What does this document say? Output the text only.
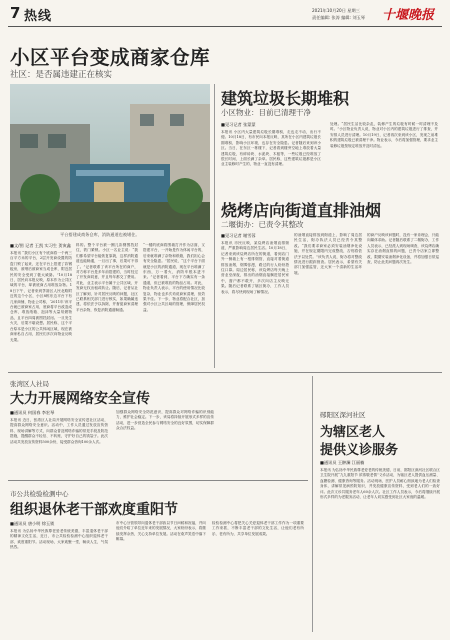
7 热线	2021年10月20日 星期三
责任编辑: 张涛 编辑: 刘玉琴 十堰晚报
小区平台变成商家仓库
社区：是否属违建正在核实
平台搭建成商务仓库，消防通道也被堵住。
■文/图 记者 王凯 实习生 贺寅鑫
本报讯 “我们小区有个底商将一个两三百平方米的平台，2层开发商设置的防盗门锁了起来，还在平台上搭建了彩钢板房，被堵后被商家当成仓库，附近居民的安全受到了极大威胁。”10月18日，居民向本报反映，原本作为公共区域的平台，却被底商占用堆放杂物。18日下午，记者来到茅箭区人民北路附近的这个小区，小区8栋东边平台下有几家商铺，物业公司称，‘2011年’该平台就已被商家占用，底商将平台改造成仓库，堆放纸箱、泡沫等大量易燃物品，且平台四周被围挡封闭。一旦发生火灾，后果不堪设想。居民称，这个平台原本是小区的公共休闲区域，现在被商家私自占用，居民们多次向物业反映无果。
料的。整个平台被一圈儿彩钢围挡封住，铁门紧锁。小区一名业主说：“我们都希望平台能恢复原貌，这样消防通道也能畅通，一旦出了事，后果可不得了。”记者联系了该平台所在的商户，对方称平台是多年前搭建的，当时经过了开发商同意，并且每年都交了费用。对此，业主表示平台属于公共区域，开发商无权出租或转让。随后，记者从社区了解到，针对居民反映的问题，社区已联系相关部门进行核实，如果确属违建，将依法予以拆除，并督促商家清理平台杂物，恢复消防通道畅通。
“一楼的底商将围墙打开作为店面，又搭建平台，一开始是作为休闲平台的，后来就堆满了杂物和纸箱，我们担心会有安全隐患。”居民说，“这个平台下面就是小区的消防通道，现在平台堆满了东西，万一着火，消防车根本进不来。”记者看到，平台下方确实有一条通道，但已被堆放的物品占用。对此，物业负责人表示，平台的使用情况比较复杂，物业也多次劝说商家清理，但效果不佳。下一步，物业将配合社区，加强对小区公共区域的管理，保障居民权益。
建筑垃圾长期堆积
小区物业：目前已清理干净
■见习记者 张蒙蒙
本报讯 小区内大量建筑垃圾长期堆积，走也走不动，出行不便。10月18日，有市民向本报反映，其所在小区内建筑垃圾长期堆积，影响小区环境，也存在安全隐患。记者随后来到该小区。当日，在东区一栋楼下，记者看到楼旁空地上堆放着大量建筑垃圾，有碎砖块、水泥块、木板等，一些垃圾已经堆放了很长时间，上面长满了杂草。居民称，这些建筑垃圾都是小区业主装修时产生的，物业一直没有清理。
处理。“居民生活比较杂乱，装修产生的垃圾有时候一时清理不及时。”小区物业负责人说，物业对小区内的建筑垃圾进行了排查，并安排人员进行清理。10月19日，记者再次来到该小区，发现之前堆积的建筑垃圾已被清理干净。物业表示，今后将加强管理，要求业主装修垃圾按规定堆放并及时清运。
烧烤店向街道直排油烟
二堰街办：已责令其整改
■见习记者 谢雪蓉
本报讯 市民反映，某烧烤店油烟直排街道，严重影响周边居民生活。10月18日，记者来到该烧烤店所在的街道，看到店门外一侧墙上有一根排烟管，直接对着街道排放油烟，烟雾弥漫，路过的行人纷纷捂住口鼻。周边居民称，该烧烤店每天晚上营业至深夜，排出的油烟直接飘进居民家中，窗户都不敢开，多次向店主反映无果。随后记者联系了辖区街办，工作人员表示，将尽快到现场了解情况。
的油烟直接排放到街道上，影响了周边居民生活，街办执法人员已经责令其整改。“我们要求商家必须安装油烟净化设施，并在规定期限内完成整改，否则将依法予以处罚。”该负责人说，街办将对整改情况进行跟踪督查。居民表示，希望有关部门加强监管，还大家一个清新的生活环境。
的商户反映该问题时，没有一家肯理会，只能向媒体求助。记者随后联系了二堰街办，工作人员表示，已经派人到现场调查，该烧烤店确实存在油烟直排的问题，已责令店家立即整改，限期安装油烟净化设备，并将加强日常巡查，防止此类问题再次发生。
张湾区人社局
大力开展网络安全宣传
■通讯员 何国春 李宏琴
本报讯 近日，张湾区人社局开展网络安全宣传进社区活动，提高群众网络安全意识。活动中，工作人员通过发放宣传资料、现场讲解等方式，向群众普及网络诈骗的常见手段及防范措施，提醒群众不轻信、不转账，守护好自己的钱袋子。此次活动共发放宣传资料500余份，接受群众咨询100余人次。
加强群众网络安全防范意识，提高群众对网络诈骗的识别能力，维护社会稳定。下一步，该局将持续开展形式多样的宣传活动，进一步营造全民参与网络安全的良好氛围，切实保障群众合法权益。
市公共检验检测中心
组织退休老干部欢度重阳节
■通讯员 唐小明 徐玉锁
本报讯 为弘扬中华民族尊老爱老传统美德，丰富退休老干部的精神文化生活，近日，市公共检验检测中心组织退休老干部，欢度重阳节。活动现场，大家欢聚一堂，畅谈人生，气氛热烈。
市中心分管领导向退休老干部致以节日问候和祝福，并向他们介绍了单位近年来的发展情况，大家纷纷表示，将继续发挥余热，关心支持单位发展。活动在欢声笑语中落下帷幕。
检验检测中心将把关心关爱退休老干部工作作为一项重要工作来抓，不断丰富老干部的文化生活，让他们老有所乐、老有所为，共享单位发展成果。
郧阳区深河社区
为辖区老人
提供义诊服务
■通讯员 王翀澜 江丽楠
本报讯 为弘扬中华民族尊老爱老的传统美德，日前，郧阳区深河社区联合区卫生院开展“九九重阳节 浓浓敬老情”义诊活动，为辖区老人提供血压测量、血糖检测、健康咨询等服务。活动现场，医护人员耐心细致地为老人们检查身体，讲解常见病预防知识，并发放健康宣传资料，受到老人们的一致好评。此次义诊共服务老年人60余人次。社区工作人员表示，今后将继续开展形式多样的为老服务活动，让老年人切实感受到社区大家庭的温暖。
